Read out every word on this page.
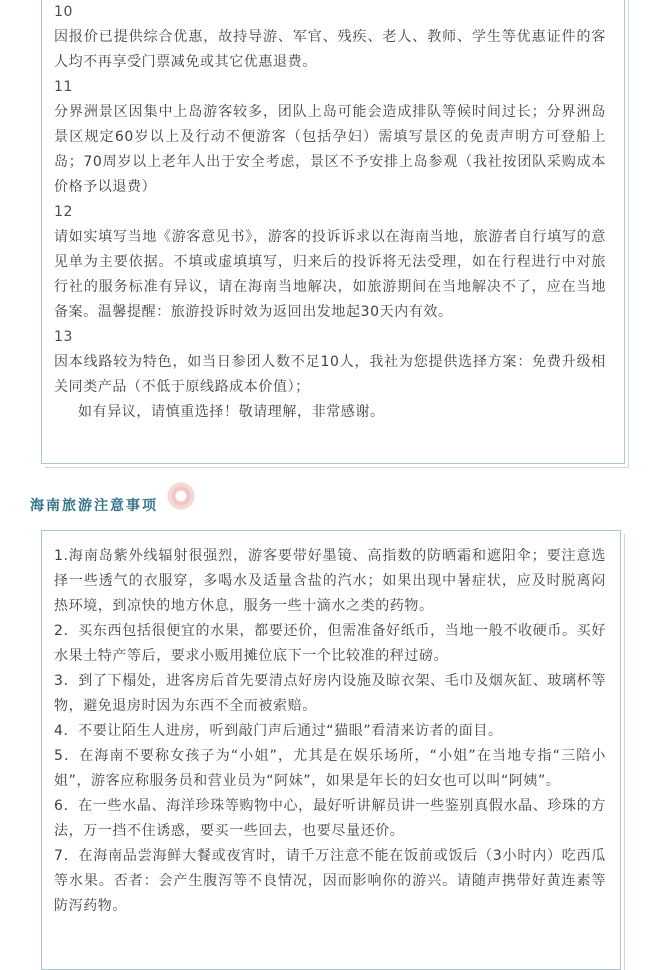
10

因报价已提供综合优惠，故持导游、军官、残疾、老人、教师、学生等优惠证件的客人均不再享受门票减免或其它优惠退费。

11

分界洲景区因集中上岛游客较多，团队上岛可能会造成排队等候时间过长；分界洲岛景区规定60岁以上及行动不便游客（包括孕妇）需填写景区的免责声明方可登船上岛；70周岁以上老年人出于安全考虑，景区不予安排上岛参观（我社按团队采购成本价格予以退费）

12

请如实填写当地《游客意见书》，游客的投诉诉求以在海南当地，旅游者自行填写的意见单为主要依据。不填或虚填填写，归来后的投诉将无法受理，如在行程进行中对旅行社的服务标准有异议，请在海南当地解决，如旅游期间在当地解决不了，应在当地备案。温馨提醒：旅游投诉时效为返回出发地起30天内有效。

13

因本线路较为特色，如当日参团人数不足10人，我社为您提供选择方案：免费升级相关同类产品（不低于原线路成本价值）；

如有异议，请慎重选择！敬请理解，非常感谢。

海南旅游注意事项

1.海南岛紫外线辐射很强烈，游客要带好墨镜、高指数的防晒霜和遮阳伞；要注意选择一些透气的衣服穿，多喝水及适量含盐的汽水；如果出现中暑症状，应及时脱离闷热环境，到凉快的地方休息，服务一些十滴水之类的药物。

2．买东西包括很便宜的水果，都要还价，但需准备好纸币，当地一般不收硬币。买好水果土特产等后，要求小贩用摊位底下一个比较准的秤过磅。

3．到了下榻处，进客房后首先要清点好房内设施及晾衣架、毛巾及烟灰缸、玻璃杯等物，避免退房时因为东西不全而被索赔。

4．不要让陌生人进房，听到敲门声后通过“猫眼”看清来访者的面目。

5．在海南不要称女孩子为“小姐”，尤其是在娱乐场所，“小姐”在当地专指“三陪小姐”，游客应称服务员和营业员为“阿妹”，如果是年长的妇女也可以叫“阿姨”。

6．在一些水晶、海洋珍珠等购物中心，最好听讲解员讲一些鉴别真假水晶、珍珠的方法，万一挡不住诱惑，要买一些回去，也要尽量还价。

7．在海南品尝海鲜大餐或夜宵时，请千万注意不能在饭前或饭后（3小时内）吃西瓜等水果。否者：会产生腹泻等不良情况，因而影响你的游兴。请随声携带好黄连素等防泻药物。
